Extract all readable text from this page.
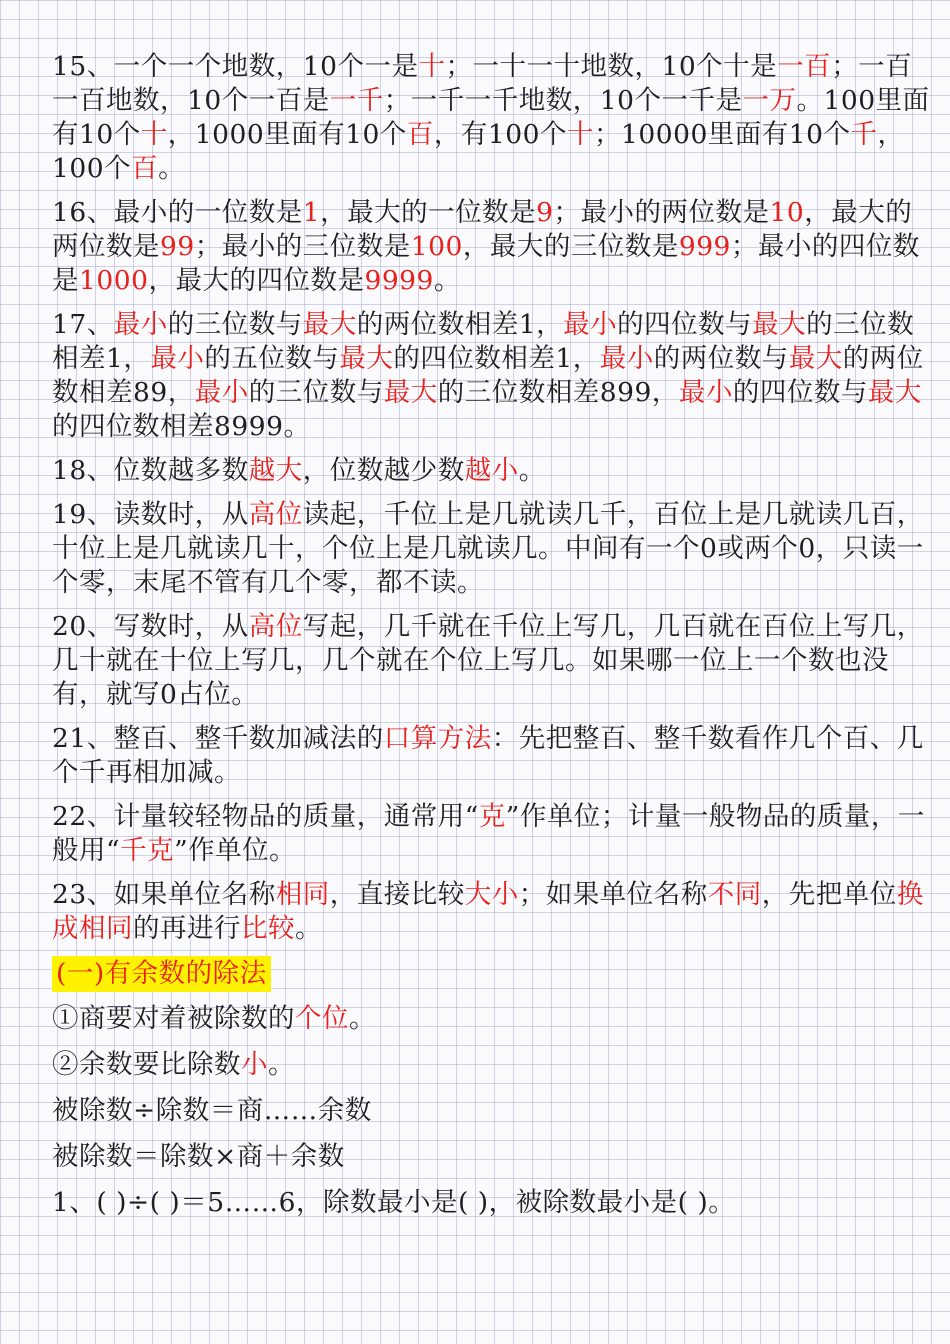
15、一个一个地数，10个一是十；一十一十地数，10个十是一百；一百一百地数，10个一百是一千；一千一千地数，10个一千是一万。100里面有10个十，1000里面有10个百，有100个十；10000里面有10个千，100个百。
16、最小的一位数是1，最大的一位数是9；最小的两位数是10，最大的两位数是99；最小的三位数是100，最大的三位数是999；最小的四位数是1000，最大的四位数是9999。
17、最小的三位数与最大的两位数相差1，最小的四位数与最大的三位数相差1，最小的五位数与最大的四位数相差1，最小的两位数与最大的两位数相差89，最小的三位数与最大的三位数相差899，最小的四位数与最大的四位数相差8999。
18、位数越多数越大，位数越少数越小。
19、读数时，从高位读起，千位上是几就读几千，百位上是几就读几百，十位上是几就读几十，个位上是几就读几。中间有一个0或两个0，只读一个零，末尾不管有几个零，都不读。
20、写数时，从高位写起，几千就在千位上写几，几百就在百位上写几，几十就在十位上写几，几个就在个位上写几。如果哪一位上一个数也没有，就写0占位。
21、整百、整千数加减法的口算方法：先把整百、整千数看作几个百、几个千再相加减。
22、计量较轻物品的质量，通常用“克”作单位；计量一般物品的质量，一般用“千克”作单位。
23、如果单位名称相同，直接比较大小；如果单位名称不同，先把单位换成相同的再进行比较。
(一)有余数的除法
①商要对着被除数的个位。
②余数要比除数小。
被除数÷除数＝商……余数
被除数＝除数×商＋余数
1、( )÷( )＝5……6，除数最小是( )，被除数最小是( )。
